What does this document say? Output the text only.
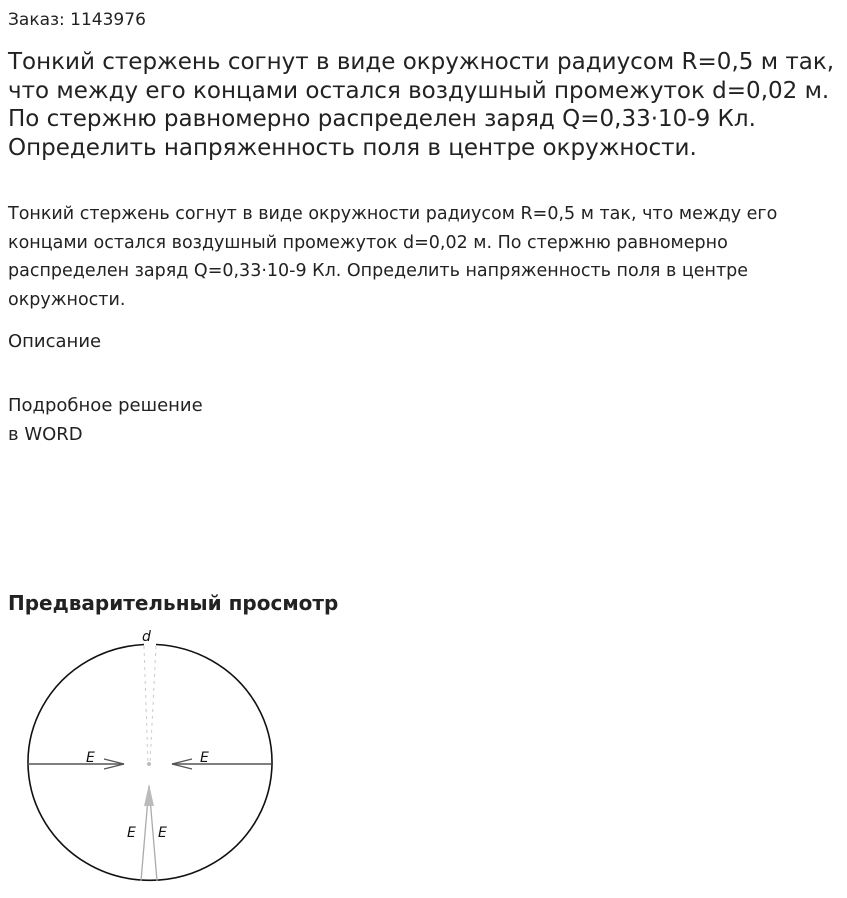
Заказ: 1143976
Тонкий стержень согнут в виде окружности радиусом R=0,5 м так, что между его концами остался воздушный промежуток d=0,02 м. По стержню равномерно распределен заряд Q=0,33·10-9 Кл. Определить напряженность поля в центре окружности.

Тонкий стержень согнут в виде окружности радиусом R=0,5 м так, что между его концами остался воздушный промежуток d=0,02 м. По стержню равномерно распределен заряд Q=0,33·10-9 Кл. Определить напряженность поля в центре окружности.

Описание
Подробное решение
в WORD
Предварительный просмотр
d
E	E
E E
